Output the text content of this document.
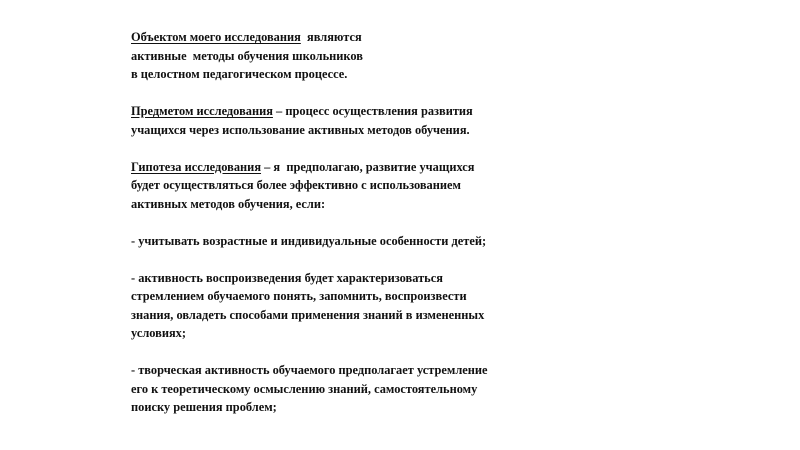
Объектом моего исследования  являются
активные  методы обучения школьников
в целостном педагогическом процессе.
Предметом исследования – процесс осуществления развития
учащихся через использование активных методов обучения.
Гипотеза исследования – я  предполагаю, развитие учащихся
будет осуществляться более эффективно с использованием
активных методов обучения, если:
- учитывать возрастные и индивидуальные особенности детей;
- активность воспроизведения будет характеризоваться
стремлением обучаемого понять, запомнить, воспроизвести
знания, овладеть способами применения знаний в измененных
условиях;
- творческая активность обучаемого предполагает устремление
его к теоретическому осмыслению знаний, самостоятельному
поиску решения проблем;
